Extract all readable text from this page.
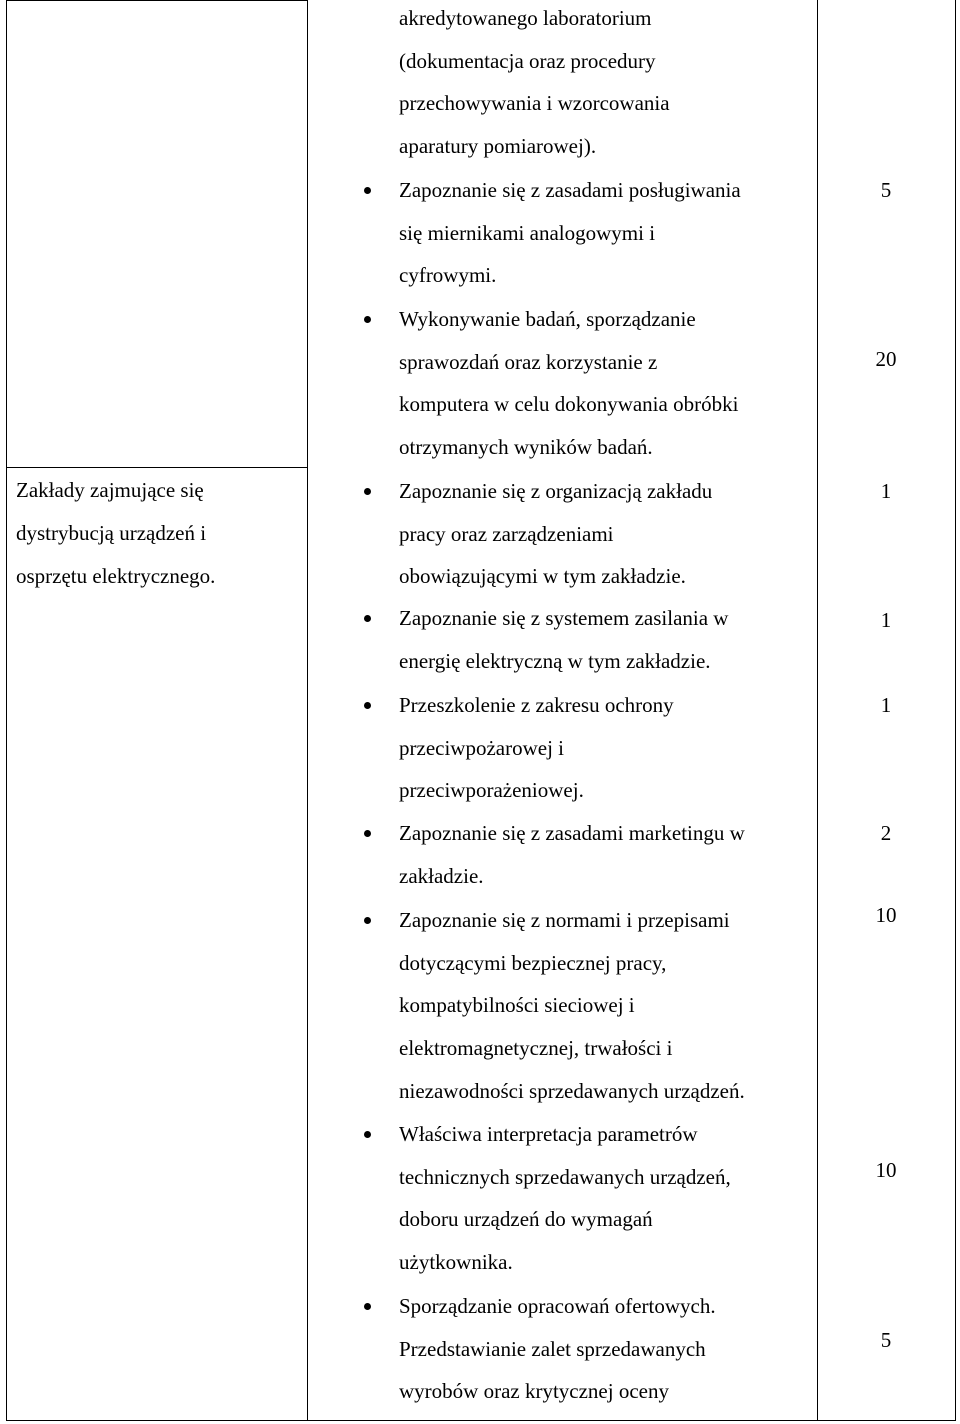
Zakłady zajmujące się
dystrybucją urządzeń i
osprzętu elektrycznego.
akredytowanego laboratorium
(dokumentacja oraz procedury
przechowywania i wzorcowania
aparatury pomiarowej).
Zapoznanie się z zasadami posługiwania
się miernikami analogowymi i
cyfrowymi.
Wykonywanie badań, sporządzanie
sprawozdań oraz korzystanie z
komputera w celu dokonywania obróbki
otrzymanych wyników badań.
Zapoznanie się z organizacją zakładu
pracy oraz zarządzeniami
obowiązującymi w tym zakładzie.
Zapoznanie się z systemem zasilania w
energię elektryczną w tym zakładzie.
Przeszkolenie z zakresu ochrony
przeciwpożarowej i
przeciwporażeniowej.
Zapoznanie się z zasadami marketingu w
zakładzie.
Zapoznanie się z normami i przepisami
dotyczącymi bezpiecznej pracy,
kompatybilności sieciowej i
elektromagnetycznej, trwałości i
niezawodności sprzedawanych urządzeń.
Właściwa interpretacja parametrów
technicznych sprzedawanych urządzeń,
doboru urządzeń do wymagań
użytkownika.
Sporządzanie opracowań ofertowych.
Przedstawianie zalet sprzedawanych
wyrobów oraz krytycznej oceny
5
20
1
1
1
2
10
10
5
